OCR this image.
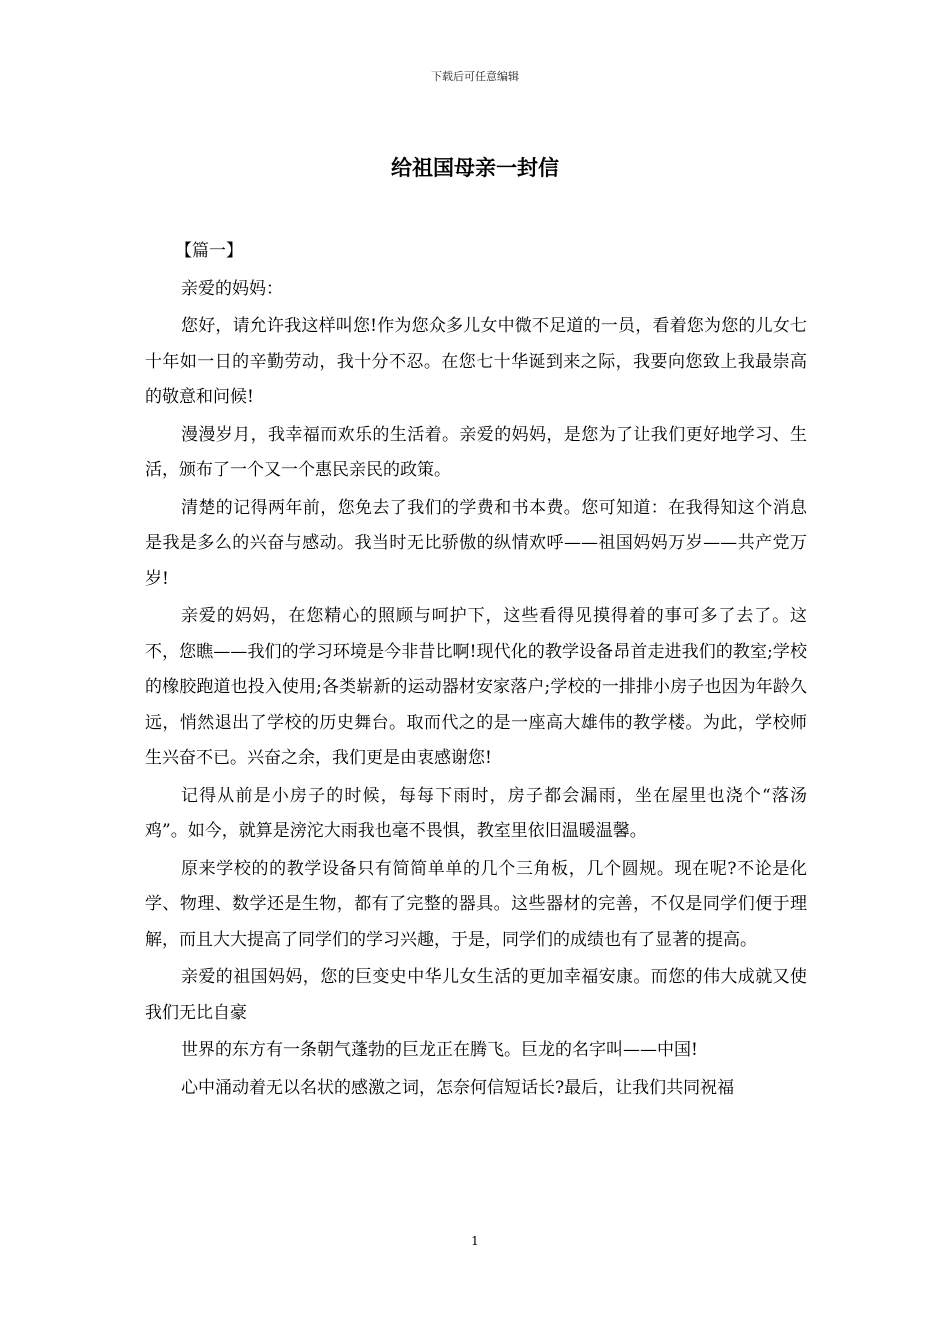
下载后可任意编辑
给祖国母亲一封信

【篇一】

亲爱的妈妈：

您好，请允许我这样叫您!作为您众多儿女中微不足道的一员，看着您为您的儿女七十年如一日的辛勤劳动，我十分不忍。在您七十华诞到来之际，我要向您致上我最崇高的敬意和问候!

漫漫岁月，我幸福而欢乐的生活着。亲爱的妈妈，是您为了让我们更好地学习、生活，颁布了一个又一个惠民亲民的政策。

清楚的记得两年前，您免去了我们的学费和书本费。您可知道：在我得知这个消息是我是多么的兴奋与感动。我当时无比骄傲的纵情欢呼——祖国妈妈万岁——共产党万岁!

亲爱的妈妈，在您精心的照顾与呵护下，这些看得见摸得着的事可多了去了。这不，您瞧——我们的学习环境是今非昔比啊!现代化的教学设备昂首走进我们的教室;学校的橡胶跑道也投入使用;各类崭新的运动器材安家落户;学校的一排排小房子也因为年龄久远，悄然退出了学校的历史舞台。取而代之的是一座高大雄伟的教学楼。为此，学校师生兴奋不已。兴奋之余，我们更是由衷感谢您!

记得从前是小房子的时候，每每下雨时，房子都会漏雨，坐在屋里也浇个“落汤鸡”。如今，就算是滂沱大雨我也毫不畏惧，教室里依旧温暖温馨。

原来学校的的教学设备只有简简单单的几个三角板，几个圆规。现在呢?不论是化学、物理、数学还是生物，都有了完整的器具。这些器材的完善，不仅是同学们便于理解，而且大大提高了同学们的学习兴趣，于是，同学们的成绩也有了显著的提高。

亲爱的祖国妈妈，您的巨变史中华儿女生活的更加幸福安康。而您的伟大成就又使我们无比自豪

世界的东方有一条朝气蓬勃的巨龙正在腾飞。巨龙的名字叫——中国!

心中涌动着无以名状的感激之词，怎奈何信短话长?最后，让我们共同祝福

1
